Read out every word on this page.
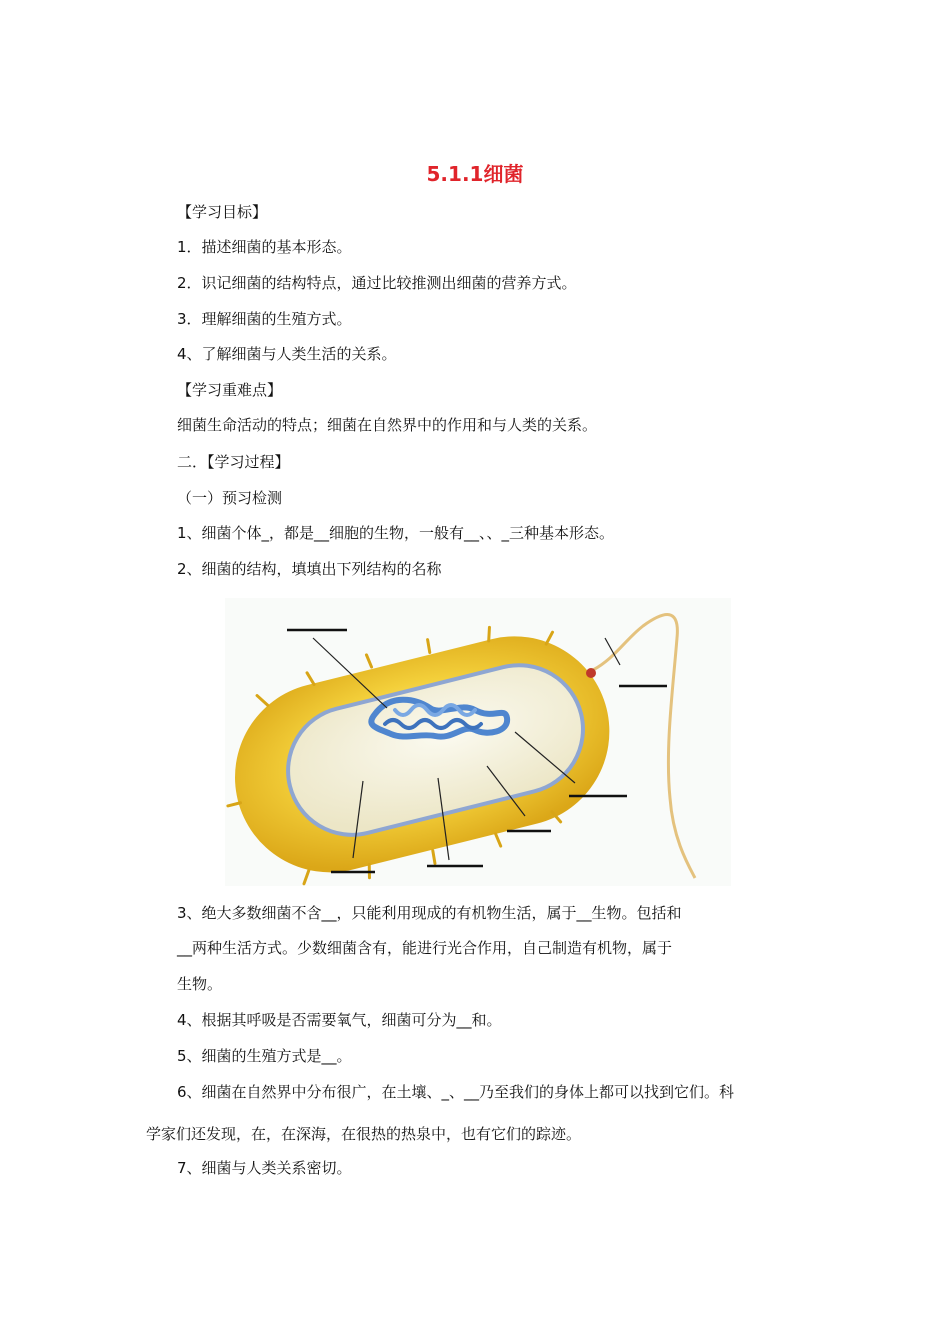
5.1.1细菌
【学习目标】
1．描述细菌的基本形态。
2．识记细菌的结构特点，通过比较推测出细菌的营养方式。
3．理解细菌的生殖方式。
4、了解细菌与人类生活的关系。
【学习重难点】
细菌生命活动的特点；细菌在自然界中的作用和与人类的关系。
二．【学习过程】
（一）预习检测
1、细菌个体_，都是__细胞的生物，一般有__、、_三种基本形态。
2、细菌的结构，填填出下列结构的名称
3、绝大多数细菌不含__，只能利用现成的有机物生活，属于__生物。包括和
__两种生活方式。少数细菌含有，能进行光合作用，自己制造有机物，属于
生物。
4、根据其呼吸是否需要氧气，细菌可分为__和。
5、细菌的生殖方式是__。
6、细菌在自然界中分布很广，在土壤、_、__乃至我们的身体上都可以找到它们。科
学家们还发现，在，在深海，在很热的热泉中，也有它们的踪迹。
7、细菌与人类关系密切。
